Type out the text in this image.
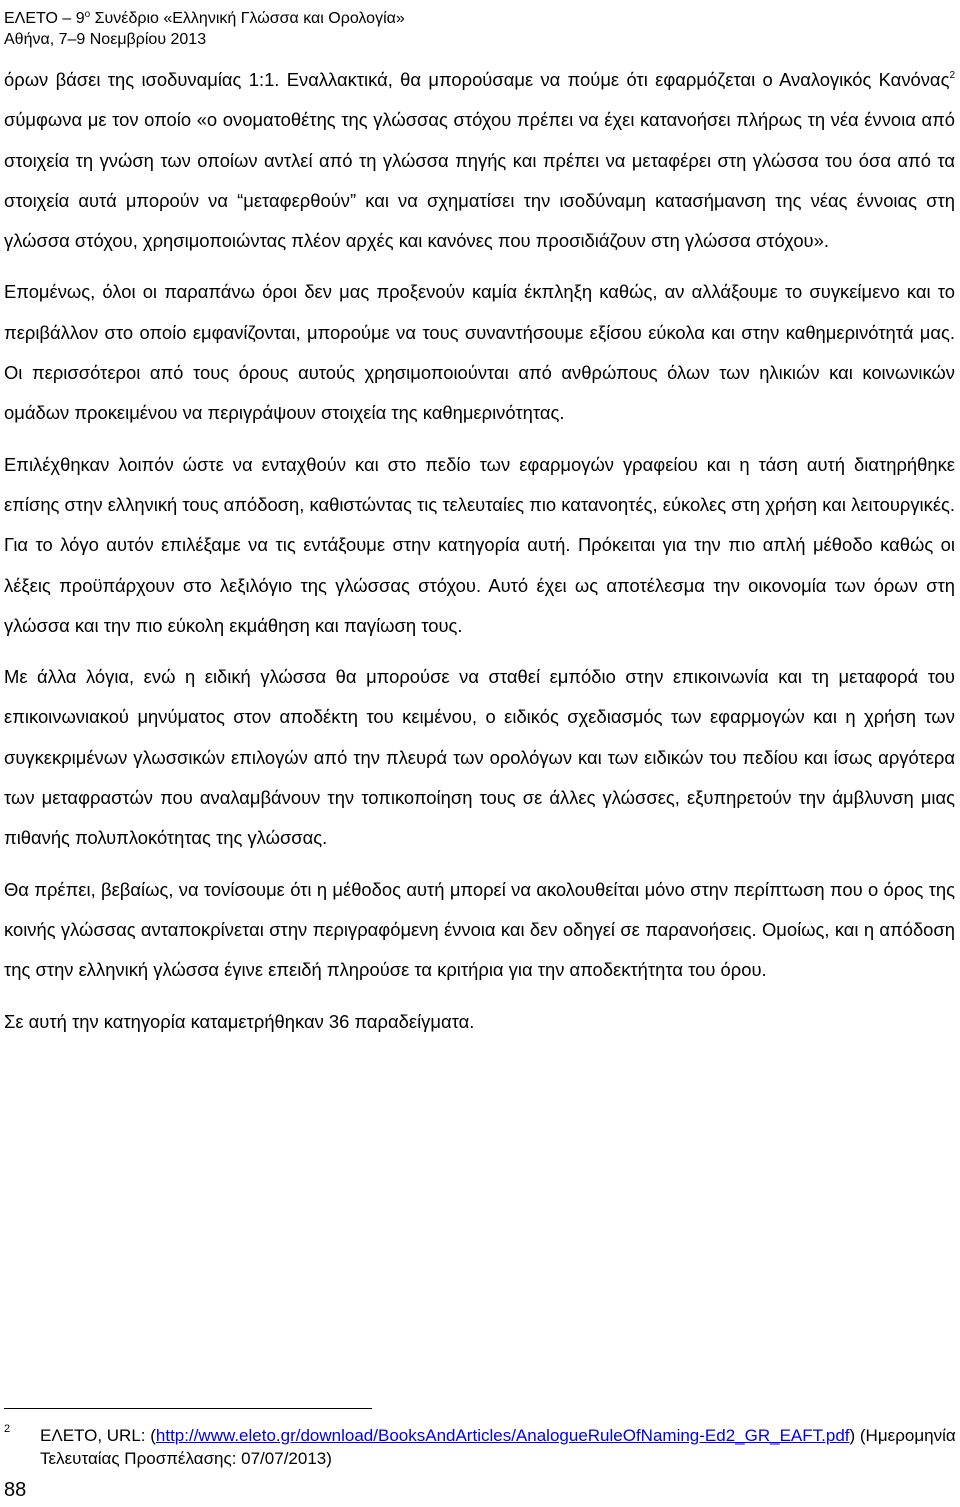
ΕΛΕΤΟ – $9^o$ Συνέδριο «Ελληνική Γλώσσα και Ορολογία»
Αθήνα, 7–9 Νοεμβρίου 2013

όρων βάσει της ισοδυναμίας 1:1. Εναλλακτικά, θα μπορούσαμε να πούμε ότι εφαρμόζεται ο Αναλογικός Κανόνας$^2$ σύμφωνα με τον οποίο «ο ονοματοθέτης της γλώσσας στόχου πρέπει να έχει κατανοήσει πλήρως τη νέα έννοια από στοιχεία τη γνώση των οποίων αντλεί από τη γλώσσα πηγής και πρέπει να μεταφέρει στη γλώσσα του όσα από τα στοιχεία αυτά μπορούν να “μεταφερθούν” και να σχηματίσει την ισοδύναμη κατασήμανση της νέας έννοιας στη γλώσσα στόχου, χρησιμοποιώντας πλέον αρχές και κανόνες που προσιδιάζουν στη γλώσσα στόχου».

Επομένως, όλοι οι παραπάνω όροι δεν μας προξενούν καμία έκπληξη καθώς, αν αλλάξουμε το συγκείμενο και το περιβάλλον στο οποίο εμφανίζονται, μπορούμε να τους συναντήσουμε εξίσου εύκολα και στην καθημερινότητά μας. Οι περισσότεροι από τους όρους αυτούς χρησιμοποιούνται από ανθρώπους όλων των ηλικιών και κοινωνικών ομάδων προκειμένου να περιγράψουν στοιχεία της καθημερινότητας.

Επιλέχθηκαν λοιπόν ώστε να ενταχθούν και στο πεδίο των εφαρμογών γραφείου και η τάση αυτή διατηρήθηκε επίσης στην ελληνική τους απόδοση, καθιστώντας τις τελευταίες πιο κατανοητές, εύκολες στη χρήση και λειτουργικές. Για το λόγο αυτόν επιλέξαμε να τις εντάξουμε στην κατηγορία αυτή. Πρόκειται για την πιο απλή μέθοδο καθώς οι λέξεις προϋπάρχουν στο λεξιλόγιο της γλώσσας στόχου. Αυτό έχει ως αποτέλεσμα την οικονομία των όρων στη γλώσσα και την πιο εύκολη εκμάθηση και παγίωση τους.

Με άλλα λόγια, ενώ η ειδική γλώσσα θα μπορούσε να σταθεί εμπόδιο στην επικοινωνία και τη μεταφορά του επικοινωνιακού μηνύματος στον αποδέκτη του κειμένου, ο ειδικός σχεδιασμός των εφαρμογών και η χρήση των συγκεκριμένων γλωσσικών επιλογών από την πλευρά των ορολόγων και των ειδικών του πεδίου και ίσως αργότερα των μεταφραστών που αναλαμβάνουν την τοπικοποίηση τους σε άλλες γλώσσες, εξυπηρετούν την άμβλυνση μιας πιθανής πολυπλοκότητας της γλώσσας.

Θα πρέπει, βεβαίως, να τονίσουμε ότι η μέθοδος αυτή μπορεί να ακολουθείται μόνο στην περίπτωση που ο όρος της κοινής γλώσσας ανταποκρίνεται στην περιγραφόμενη έννοια και δεν οδηγεί σε παρανοήσεις. Ομοίως, και η απόδοση της στην ελληνική γλώσσα έγινε επειδή πληρούσε τα κριτήρια για την αποδεκτήτητα του όρου.

Σε αυτή την κατηγορία καταμετρήθηκαν 36 παραδείγματα.

2 ΕΛΕΤΟ, URL: (http://www.eleto.gr/download/BooksAndArticles/AnalogueRuleOfNaming-Ed2_GR_EAFT.pdf) (Ημερομηνία Τελευταίας Προσπέλασης: 07/07/2013)
88
